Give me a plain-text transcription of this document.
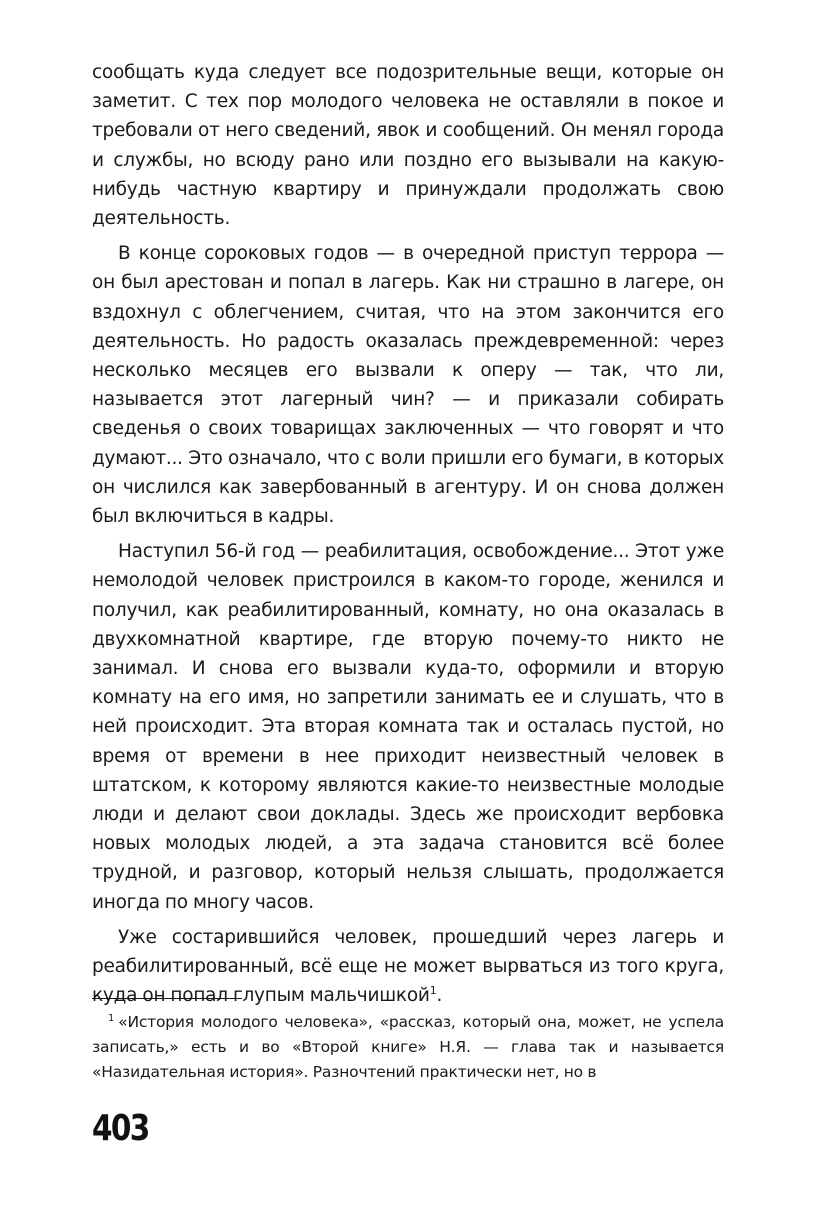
сообщать куда следует все подозрительные вещи, которые он заметит. С тех пор молодого человека не оставляли в покое и требовали от него сведений, явок и сообщений. Он менял города и службы, но всюду рано или поздно его вызывали на какую-нибудь частную квартиру и принуждали продолжать свою деятельность.

В конце сороковых годов — в очередной приступ террора — он был арестован и попал в лагерь. Как ни страшно в лагере, он вздохнул с облегчением, считая, что на этом закончится его деятельность. Но радость оказалась преждевременной: через несколько месяцев его вызвали к оперу — так, что ли, называется этот лагерный чин? — и приказали собирать сведенья о своих товарищах заключенных — что говорят и что думают... Это означало, что с воли пришли его бумаги, в которых он числился как завербованный в агентуру. И он снова должен был включиться в кадры.

Наступил 56-й год — реабилитация, освобождение... Этот уже немолодой человек пристроился в каком-то городе, женился и получил, как реабилитированный, комнату, но она оказалась в двухкомнатной квартире, где вторую почему-то никто не занимал. И снова его вызвали куда-то, оформили и вторую комнату на его имя, но запретили занимать ее и слушать, что в ней происходит. Эта вторая комната так и осталась пустой, но время от времени в нее приходит неизвестный человек в штатском, к которому являются какие-то неизвестные молодые люди и делают свои доклады. Здесь же происходит вербовка новых молодых людей, а эта задача становится всё более трудной, и разговор, который нельзя слышать, продолжается иногда по многу часов.

Уже состарившийся человек, прошедший через лагерь и реабилитированный, всё еще не может вырваться из того круга, куда он попал глупым мальчишкой$^1$.

$^1$ «История молодого человека», «рассказ, который она, может, не успела записать,» есть и во «Второй книге» Н.Я. — глава так и называется «Назидательная история». Разночтений практически нет, но в

403
